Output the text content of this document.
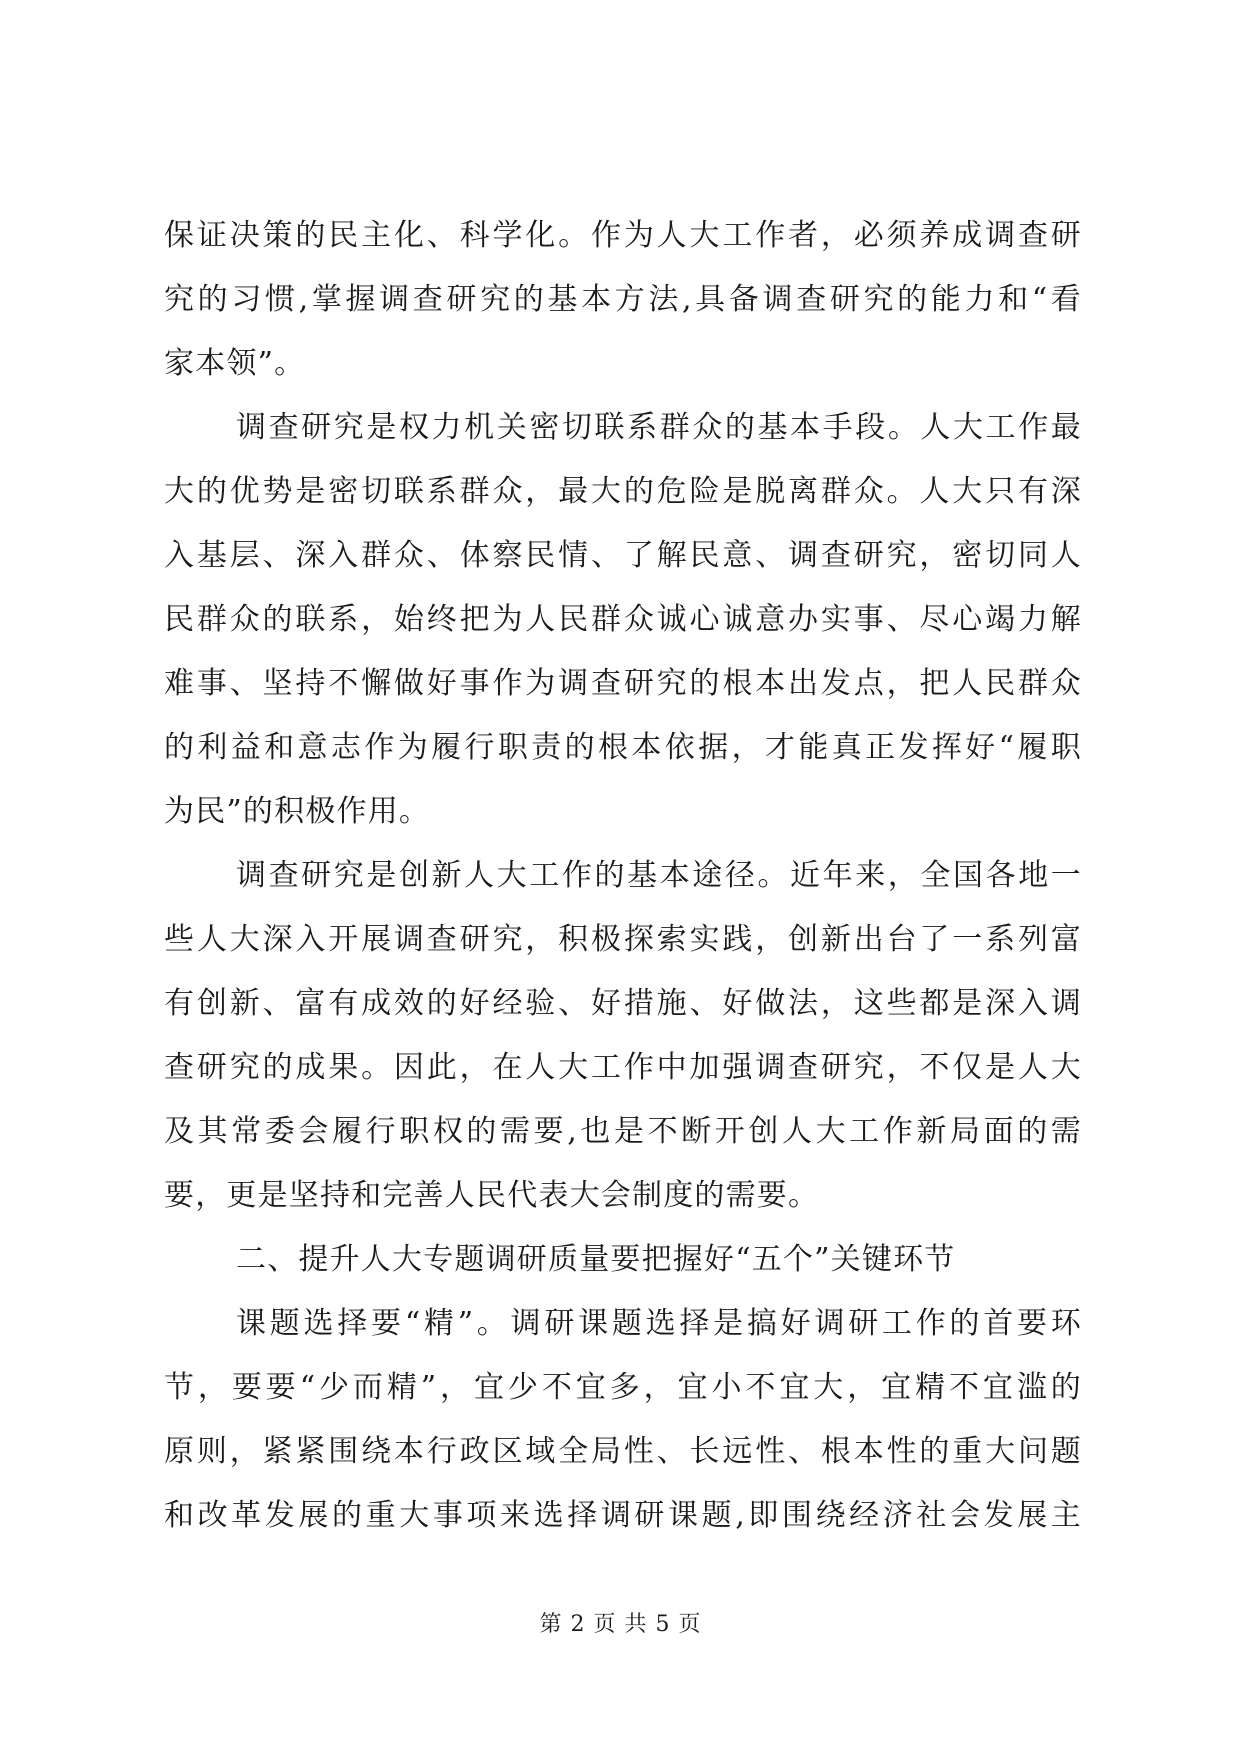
保证决策的民主化、科学化。作为人大工作者，必须养成调查研
究的习惯,掌握调查研究的基本方法,具备调查研究的能力和“看
家本领”。
调查研究是权力机关密切联系群众的基本手段。人大工作最
大的优势是密切联系群众，最大的危险是脱离群众。人大只有深
入基层、深入群众、体察民情、了解民意、调查研究，密切同人
民群众的联系，始终把为人民群众诚心诚意办实事、尽心竭力解
难事、坚持不懈做好事作为调查研究的根本出发点，把人民群众
的利益和意志作为履行职责的根本依据，才能真正发挥好“履职
为民”的积极作用。
调查研究是创新人大工作的基本途径。近年来，全国各地一
些人大深入开展调查研究，积极探索实践，创新出台了一系列富
有创新、富有成效的好经验、好措施、好做法，这些都是深入调
查研究的成果。因此，在人大工作中加强调查研究，不仅是人大
及其常委会履行职权的需要,也是不断开创人大工作新局面的需
要，更是坚持和完善人民代表大会制度的需要。
二、提升人大专题调研质量要把握好“五个”关键环节
课题选择要“精”。调研课题选择是搞好调研工作的首要环
节，要要“少而精”，宜少不宜多，宜小不宜大，宜精不宜滥的
原则，紧紧围绕本行政区域全局性、长远性、根本性的重大问题
和改革发展的重大事项来选择调研课题,即围绕经济社会发展主
第 2 页 共 5 页
